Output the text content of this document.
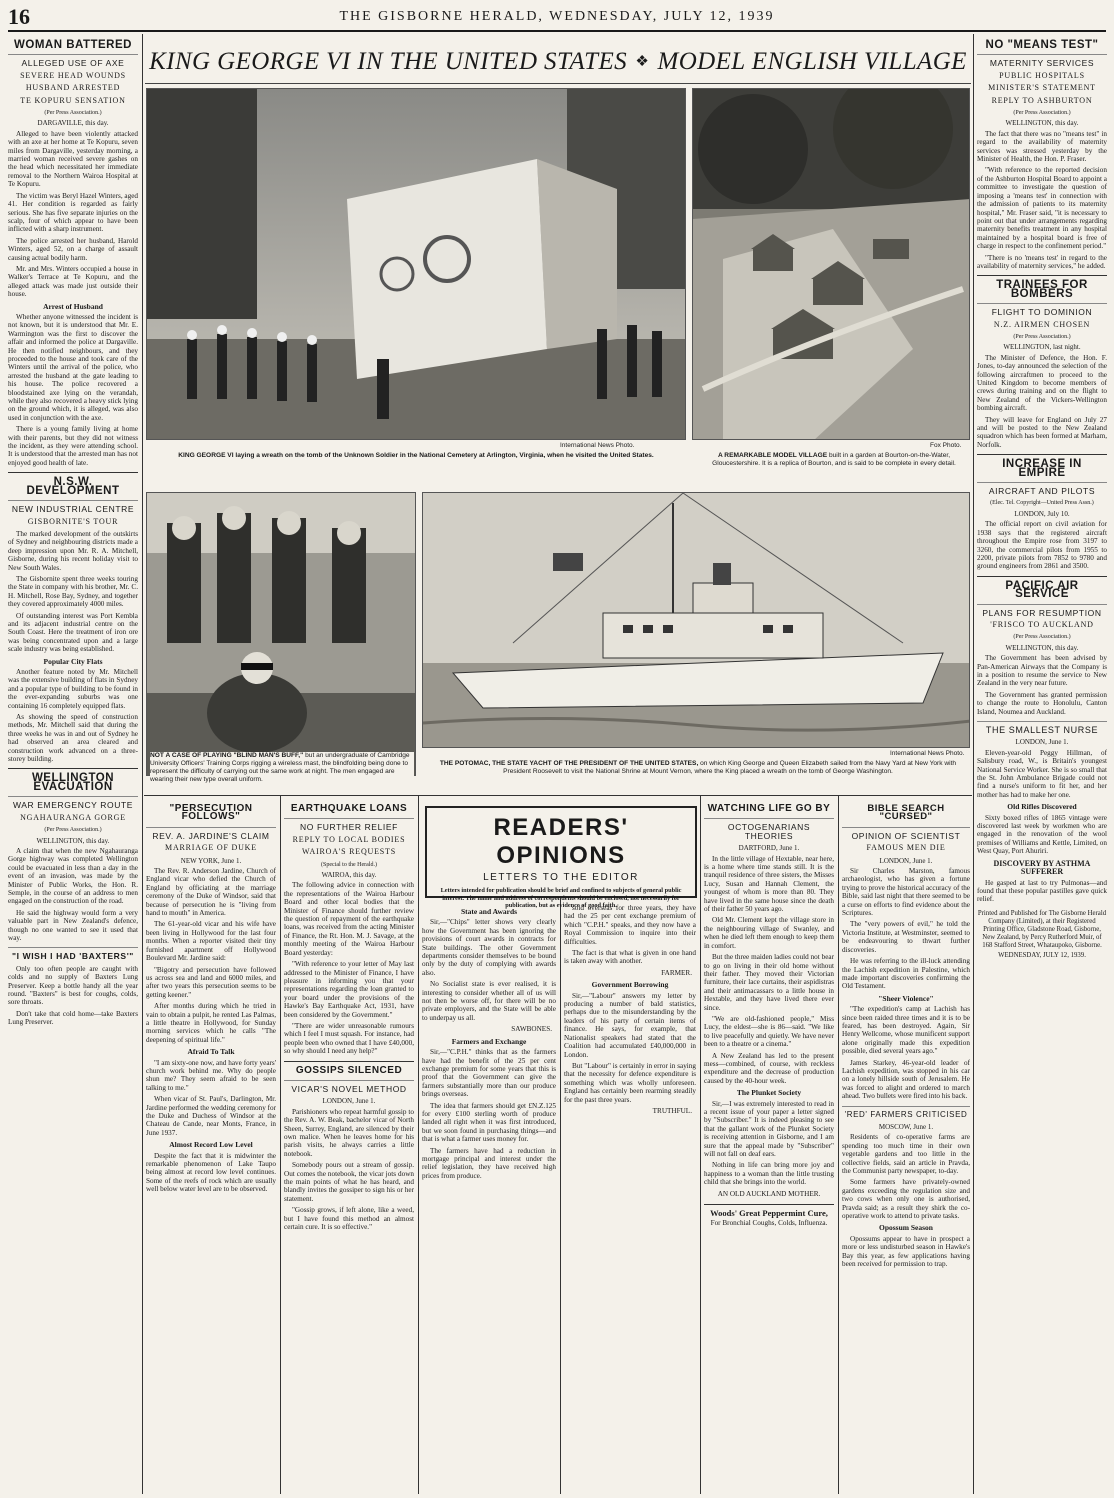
16	THE GISBORNE HERALD, WEDNESDAY, JULY 12, 1939
KING GEORGE VI IN THE UNITED STATES ❖ MODEL ENGLISH VILLAGE
International News Photo.
KING GEORGE VI laying a wreath on the tomb of the Unknown Soldier in the National Cemetery at Arlington, Virginia, when he visited the United States.
Fox Photo.
A REMARKABLE MODEL VILLAGE built in a garden at Bourton-on-the-Water, Gloucestershire. It is a replica of Bourton, and is said to be complete in every detail.
NOT A CASE OF PLAYING "BLIND MAN'S BUFF," but an undergraduate of Cambridge University Officers' Training Corps rigging a wireless mast, the blindfolding being done to represent the difficulty of carrying out the same work at night. The men engaged are wearing their new type overall uniform.
International News Photo.
THE POTOMAC, THE STATE YACHT OF THE PRESIDENT OF THE UNITED STATES, on which King George and Queen Elizabeth sailed from the Navy Yard at New York with President Roosevelt to visit the National Shrine at Mount Vernon, where the King placed a wreath on the tomb of George Washington.
WOMAN BATTERED
ALLEGED USE OF AXE
SEVERE HEAD WOUNDS
HUSBAND ARRESTED
TE KOPURU SENSATION
(Per Press Association.)
DARGAVILLE, this day.

Alleged to have been violently attacked with an axe at her home at Te Kopuru, seven miles from Dargaville, yesterday morning, a married woman received severe gashes on the head which necessitated her immediate removal to the Northern Wairoa Hospital at Te Kopuru.

The victim was Beryl Hazel Winters, aged 41. Her condition is regarded as fairly serious. She has five separate injuries on the scalp, four of which appear to have been inflicted with a sharp instrument.

The police arrested her husband, Harold Winters, aged 52, on a charge of assault causing actual bodily harm.

Mr. and Mrs. Winters occupied a house in Walker's Terrace at Te Kopuru, and the alleged attack was made just outside their house.

Arrest of Husband

Whether anyone witnessed the incident is not known, but it is understood that Mr. E. Warmington was the first to discover the affair and informed the police at Dargaville. He then notified neighbours, and they proceeded to the house and took care of the Winters until the arrival of the police, who arrested the husband at the gate leading to his house. The police recovered a bloodstained axe lying on the verandah, while they also recovered a heavy stick lying on the ground which, it is alleged, was also used in conjunction with the axe.

There is a young family living at home with their parents, but they did not witness the incident, as they were attending school. It is understood that the arrested man has not enjoyed good health of late.

N.S.W. DEVELOPMENT
NEW INDUSTRIAL CENTRE
GISBORNITE'S TOUR

The marked development of the outskirts of Sydney and neighbouring districts made a deep impression upon Mr. R. A. Mitchell, Gisborne, during his recent holiday visit to New South Wales.

The Gisbornite spent three weeks touring the State in company with his brother, Mr. C. H. Mitchell, Rose Bay, Sydney, and together they covered approximately 4000 miles.

Of outstanding interest was Port Kembla and its adjacent industrial centre on the South Coast. Here the treatment of iron ore was being concentrated upon and a large scale industry was being established.

Popular City Flats

Another feature noted by Mr. Mitchell was the extensive building of flats in Sydney and a popular type of building to be found in the ever-expanding suburbs was one containing 16 completely equipped flats.

As showing the speed of construction methods, Mr. Mitchell said that during the three weeks he was in and out of Sydney he had observed an area cleared and construction work advanced on a three-storey building.

WELLINGTON EVACUATION
WAR EMERGENCY ROUTE
NGAHAURANGA GORGE
(Per Press Association.)
WELLINGTON, this day.

A claim that when the new Ngahauranga Gorge highway was completed Wellington could be evacuated in less than a day in the event of an invasion, was made by the Minister of Public Works, the Hon. R. Semple, in the course of an address to men engaged on the construction of the road.

He said the highway would form a very valuable part in New Zealand's defence, though no one wanted to see it used that way.

"I WISH I HAD 'BAXTERS'"

Only too often people are caught with colds and no supply of Baxters Lung Preserver. Keep a bottle handy all the year round. "Baxters" is best for coughs, colds, sore throats.

Don't take that cold home—take Baxters Lung Preserver.

"PERSECUTION FOLLOWS"
REV. A. JARDINE'S CLAIM
MARRIAGE OF DUKE
NEW YORK, June 1.

The Rev. R. Anderson Jardine, Church of England vicar who defied the Church of England by officiating at the marriage ceremony of the Duke of Windsor, said that because of persecution he is "living from hand to mouth" in America.

The 61-year-old vicar and his wife have been living in Hollywood for the last four months. When a reporter visited their tiny furnished apartment off Hollywood Boulevard Mr. Jardine said:

"Bigotry and persecution have followed us across sea and land and 6000 miles, and after two years this persecution seems to be getting keener."

After months during which he tried in vain to obtain a pulpit, he rented Las Palmas, a little theatre in Hollywood, for Sunday morning services which he calls "The deepening of spiritual life."

Afraid To Talk

"I am sixty-one now, and have forty years' church work behind me. Why do people shun me? They seem afraid to be seen talking to me."

When vicar of St. Paul's, Darlington, Mr. Jardine performed the wedding ceremony for the Duke and Duchess of Windsor at the Chateau de Cande, near Monts, France, in June 1937.

Almost Record Low Level

Despite the fact that it is midwinter the remarkable phenomenon of Lake Taupo being almost at record low level continues. Some of the reefs of rock which are usually well below water level are to be observed.

EARTHQUAKE LOANS
NO FURTHER RELIEF
REPLY TO LOCAL BODIES
WAIROA'S REQUESTS
(Special to the Herald.)
WAIROA, this day.

The following advice in connection with the representations of the Wairoa Harbour Board and other local bodies that the Minister of Finance should further review the question of repayment of the earthquake loans, was received from the acting Minister of Finance, the Rt. Hon. M. J. Savage, at the monthly meeting of the Wairoa Harbour Board yesterday:

"With reference to your letter of May last addressed to the Minister of Finance, I have pleasure in informing you that your representations regarding the loan granted to your board under the provisions of the Hawke's Bay Earthquake Act, 1931, have been considered by the Government."

"There are wider unreasonable rumours which I feel I must squash. For instance, had people been who owned that I have £40,000, so why should I need any help?"

GOSSIPS SILENCED
VICAR'S NOVEL METHOD
LONDON, June 1.

Parishioners who repeat harmful gossip to the Rev. A. W. Beak, bachelor vicar of North Sheen, Surrey, England, are silenced by their own malice. When he leaves home for his parish visits, he always carries a little notebook.

Somebody pours out a stream of gossip. Out comes the notebook, the vicar jots down the main points of what he has heard, and blandly invites the gossiper to sign his or her statement.

"Gossip grows, if left alone, like a weed, but I have found this method an almost certain cure. It is so effective."

READERS' OPINIONS
LETTERS TO THE EDITOR
Letters intended for publication should be brief and confined to subjects of general public interest. The name and address of correspondents should be enclosed, not necessarily for publication, but as evidence of good faith.
State and Awards

Sir,—"Chips" letter shows very clearly how the Government has been ignoring the provisions of court awards in contracts for State buildings. The other Government departments consider themselves to be bound only by the duty of complying with awards also.

No Socialist state is ever realised, it is interesting to consider whether all of us will not then be worse off, for there will be no private employers, and the State will be able to underpay us all.

SAWBONES.
Farmers and Exchange

Sir,—"C.P.H." thinks that as the farmers have had the benefit of the 25 per cent exchange premium for some years that this is proof that the Government can give the farmers substantially more than our produce brings overseas.

The idea that farmers should get £N.Z.125 for every £100 sterling worth of produce landed all right when it was first introduced, but we soon found in purchasing things—and that is what a farmer uses money for.

The farmers have had a reduction in mortgage principal and interest under the relief legislation, they have received high prices from produce.

sold overseas for three years, they have had the 25 per cent exchange premium of which "C.P.H." speaks, and they now have a Royal Commission to inquire into their difficulties.

The fact is that what is given in one hand is taken away with another.

FARMER.
Government Borrowing

Sir,—"Labour" answers my letter by producing a number of bald statistics, perhaps due to the misunderstanding by the leaders of his party of certain items of finance. He says, for example, that Nationalist speakers had stated that the Coalition had accumulated £40,000,000 in London.

But "Labour" is certainly in error in saying that the necessity for defence expenditure is something which was wholly unforeseen. England has certainly been rearming steadily for the past three years.

TRUTHFUL.
WATCHING LIFE GO BY
OCTOGENARIANS THEORIES
DARTFORD, June 1.

In the little village of Hextable, near here, is a home where time stands still. It is the tranquil residence of three sisters, the Misses Lucy, Susan and Hannah Clement, the youngest of whom is more than 80. They have lived in the same house since the death of their father 50 years ago.

Old Mr. Clement kept the village store in the neighbouring village of Swanley, and when he died left them enough to keep them in comfort.

But the three maiden ladies could not bear to go on living in their old home without their father. They moved their Victorian furniture, their lace curtains, their aspidistras and their antimacassars to a little house in Hextable, and they have lived there ever since.

"We are old-fashioned people," Miss Lucy, the eldest—she is 86—said. "We like to live peacefully and quietly. We have never been to a theatre or a cinema."

A New Zealand has led to the present mess—combined, of course, with reckless expenditure and the decrease of production caused by the 40-hour week.

The Plunket Society

Sir,—I was extremely interested to read in a recent issue of your paper a letter signed by "Subscriber." It is indeed pleasing to see that the gallant work of the Plunket Society is receiving attention in Gisborne, and I am sure that the appeal made by "Subscriber" will not fall on deaf ears.

Nothing in life can bring more joy and happiness to a woman than the little trusting child that she brings into the world.

AN OLD AUCKLAND MOTHER.
Woods' Great Peppermint Cure,
For Bronchial Coughs, Colds, Influenza.
BIBLE SEARCH "CURSED"
OPINION OF SCIENTIST
FAMOUS MEN DIE
LONDON, June 1.

Sir Charles Marston, famous archaeologist, who has given a fortune trying to prove the historical accuracy of the Bible, said last night that there seemed to be a curse on efforts to find evidence about the Scriptures.

The "very powers of evil," he told the Victoria Institute, at Westminster, seemed to be endeavouring to thwart further discoveries.

He was referring to the ill-luck attending the Lachish expedition in Palestine, which made important discoveries confirming the Old Testament.

"Sheer Violence"

"The expedition's camp at Lachish has since been raided three times and it is to be feared, has been destroyed. Again, Sir Henry Wellcome, whose munificent support alone originally made this expedition possible, died several years ago."

James Starkey, 46-year-old leader of Lachish expedition, was stopped in his car on a lonely hillside south of Jerusalem. He was forced to alight and ordered to march ahead. Two bullets were fired into his back.

'RED' FARMERS CRITICISED
MOSCOW, June 1.

Residents of co-operative farms are spending too much time in their own vegetable gardens and too little in the collective fields, said an article in Pravda, the Communist party newspaper, to-day.

Some farmers have privately-owned gardens exceeding the regulation size and two cows when only one is authorised, Pravda said; as a result they shirk the co-operative work to attend to private tasks.

Opossum Season

Opossums appear to have in prospect a more or less undisturbed season in Hawke's Bay this year, as few applications having been received for permission to trap.

NO "MEANS TEST"
MATERNITY SERVICES
PUBLIC HOSPITALS
MINISTER'S STATEMENT
REPLY TO ASHBURTON
(Per Press Association.)
WELLINGTON, this day.

The fact that there was no "means test" in regard to the availability of maternity services was stressed yesterday by the Minister of Health, the Hon. P. Fraser.

"With reference to the reported decision of the Ashburton Hospital Board to appoint a committee to investigate the question of imposing a 'means test' in connection with the admission of patients to its maternity hospital," Mr. Fraser said, "it is necessary to point out that under arrangements regarding maternity benefits treatment in any hospital maintained by a hospital board is free of charge in respect to the confinement period."

"There is no 'means test' in regard to the availability of maternity services," he added.

TRAINEES FOR BOMBERS
FLIGHT TO DOMINION
N.Z. AIRMEN CHOSEN
(Per Press Association.)
WELLINGTON, last night.

The Minister of Defence, the Hon. F. Jones, to-day announced the selection of the following aircraftmen to proceed to the United Kingdom to become members of crews during training and on the flight to New Zealand of the Vickers-Wellington bombing aircraft.

They will leave for England on July 27 and will be posted to the New Zealand squadron which has been formed at Marham, Norfolk.

INCREASE IN EMPIRE
AIRCRAFT AND PILOTS
(Elec. Tel. Copyright—United Press Assn.)
LONDON, July 10.

The official report on civil aviation for 1938 says that the registered aircraft throughout the Empire rose from 3197 to 3260, the commercial pilots from 1955 to 2200, private pilots from 7852 to 9780 and ground engineers from 2861 and 3500.

PACIFIC AIR SERVICE
PLANS FOR RESUMPTION
'FRISCO TO AUCKLAND
(Per Press Association.)
WELLINGTON, this day.

The Government has been advised by Pan-American Airways that the Company is in a position to resume the service to New Zealand in the very near future.

The Government has granted permission to change the route to Honolulu, Canton Island, Noumea and Auckland.

THE SMALLEST NURSE
LONDON, June 1.

Eleven-year-old Peggy Hillman, of Salisbury road, W., is Britain's youngest National Service Worker. She is so small that the St. John Ambulance Brigade could not find a nurse's uniform to fit her, and her mother has had to make her one.

Old Rifles Discovered

Sixty boxed rifles of 1865 vintage were discovered last week by workmen who are engaged in the renovation of the wool premises of Williams and Kettle, Limited, on West Quay, Port Ahuriri.

DISCOVERY BY ASTHMA SUFFERER

He gasped at last to try Pulmonas—and found that these popular pastilles gave quick relief.

Printed and Published for The Gisborne Herald Company (Limited), at their Registered Printing Office, Gladstone Road, Gisborne, New Zealand, by Percy Rutherford Muir, of 168 Stafford Street, Whataupoko, Gisborne.
WEDNESDAY, JULY 12, 1939.
